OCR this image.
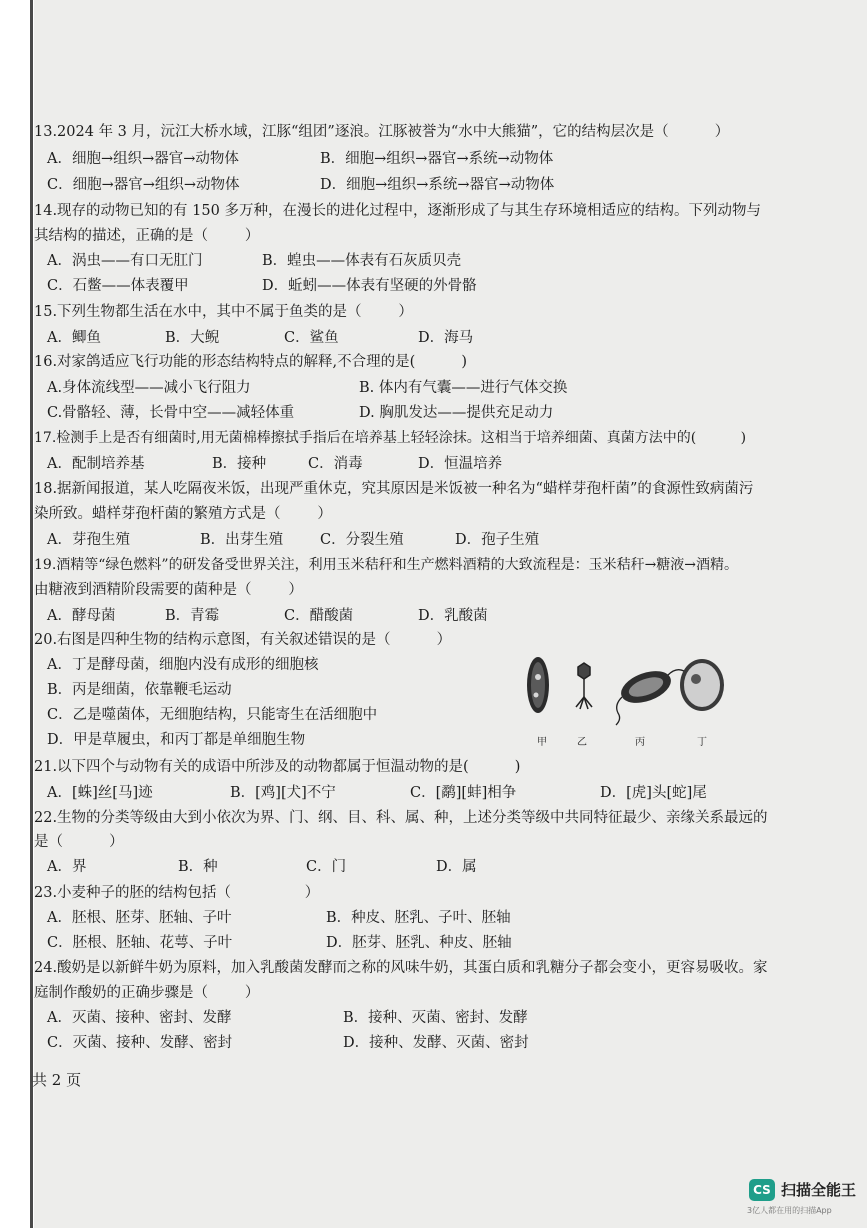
13.2024 年 3 月，沅江大桥水域，江豚“组团”逐浪。江豚被誉为“水中大熊猫”，它的结构层次是（          ）
A．细胞→组织→器官→动物体	B．细胞→组织→器官→系统→动物体
C．细胞→器官→组织→动物体	D．细胞→组织→系统→器官→动物体
14.现存的动物已知的有 150 多万种，在漫长的进化过程中，逐渐形成了与其生存环境相适应的结构。下列动物与
其结构的描述，正确的是（        ）
A．涡虫——有口无肛门	B．蝗虫——体表有石灰质贝壳
C．石鳖——体表覆甲	D．蚯蚓——体表有坚硬的外骨骼
15.下列生物都生活在水中，其中不属于鱼类的是（        ）
A．鲫鱼	B．大鲵	C．鲨鱼	D．海马
16.对家鸽适应飞行功能的形态结构特点的解释,不合理的是(          )
A.身体流线型——减小飞行阻力	B. 体内有气囊——进行气体交换
C.骨骼轻、薄，长骨中空——减轻体重	D. 胸肌发达——提供充足动力
17.检测手上是否有细菌时,用无菌棉棒擦拭手指后在培养基上轻轻涂抹。这相当于培养细菌、真菌方法中的(          )
A．配制培养基	B．接种	C．消毒	D．恒温培养
18.据新闻报道，某人吃隔夜米饭，出现严重休克，究其原因是米饭被一种名为“蜡样芽孢杆菌”的食源性致病菌污
染所致。蜡样芽孢杆菌的繁殖方式是（        ）
A．芽孢生殖	B．出芽生殖	C．分裂生殖	D．孢子生殖
19.酒精等“绿色燃料”的研发备受世界关注，利用玉米秸秆和生产燃料酒精的大致流程是：玉米秸秆→糖液→酒精。
由糖液到酒精阶段需要的菌种是（        ）
A．酵母菌	B．青霉	C．醋酸菌	D．乳酸菌
20.右图是四种生物的结构示意图，有关叙述错误的是（          ）
A．丁是酵母菌，细胞内没有成形的细胞核
B．丙是细菌，依靠鞭毛运动
C．乙是噬菌体，无细胞结构，只能寄生在活细胞中
D．甲是草履虫，和丙丁都是单细胞生物	甲	乙	丙	丁
21.以下四个与动物有关的成语中所涉及的动物都属于恒温动物的是(          )
A．[蛛]丝[马]迹	B．[鸡][犬]不宁	C．[鹬][蚌]相争	D．[虎]头[蛇]尾
22.生物的分类等级由大到小依次为界、门、纲、目、科、属、种，上述分类等级中共同特征最少、亲缘关系最远的
是（          ）
A．界	B．种	C．门	D．属
23.小麦种子的胚的结构包括（                ）
A．胚根、胚芽、胚轴、子叶	B．种皮、胚乳、子叶、胚轴
C．胚根、胚轴、花萼、子叶	D．胚芽、胚乳、种皮、胚轴
24.酸奶是以新鲜牛奶为原料，加入乳酸菌发酵而之称的风味牛奶，其蛋白质和乳糖分子都会变小，更容易吸收。家
庭制作酸奶的正确步骤是（        ）
A．灭菌、接种、密封、发酵	B．接种、灭菌、密封、发酵
C．灭菌、接种、发酵、密封	D．接种、发酵、灭菌、密封
共 2 页
CS 扫描全能王
3亿人都在用的扫描App
